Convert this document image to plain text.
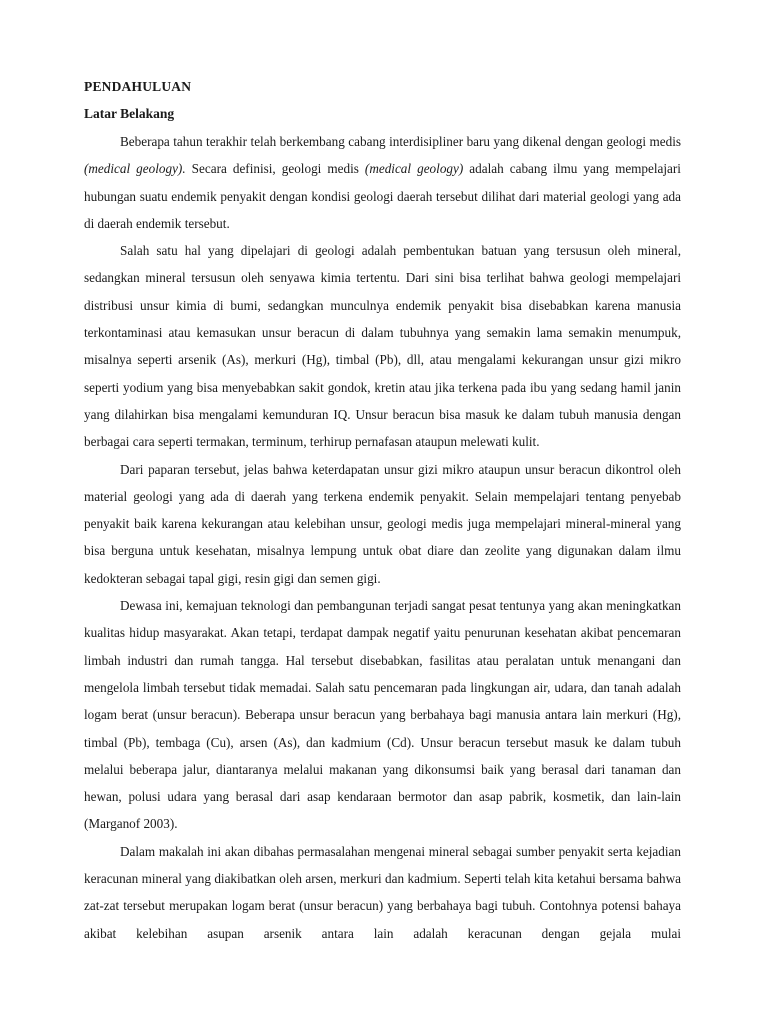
PENDAHULUAN
Latar Belakang

Beberapa tahun terakhir telah berkembang cabang interdisipliner baru yang dikenal dengan geologi medis (medical geology). Secara definisi, geologi medis (medical geology) adalah cabang ilmu yang mempelajari hubungan suatu endemik penyakit dengan kondisi geologi daerah tersebut dilihat dari material geologi yang ada di daerah endemik tersebut.

Salah satu hal yang dipelajari di geologi adalah pembentukan batuan yang tersusun oleh mineral, sedangkan mineral tersusun oleh senyawa kimia tertentu. Dari sini bisa terlihat bahwa geologi mempelajari distribusi unsur kimia di bumi, sedangkan munculnya endemik penyakit bisa disebabkan karena manusia terkontaminasi atau kemasukan unsur beracun di dalam tubuhnya yang semakin lama semakin menumpuk, misalnya seperti arsenik (As), merkuri (Hg), timbal (Pb), dll, atau mengalami kekurangan unsur gizi mikro seperti yodium yang bisa menyebabkan sakit gondok, kretin atau jika terkena pada ibu yang sedang hamil janin yang dilahirkan bisa mengalami kemunduran IQ. Unsur beracun bisa masuk ke dalam tubuh manusia dengan berbagai cara seperti termakan, terminum, terhirup pernafasan ataupun melewati kulit.

Dari paparan tersebut, jelas bahwa keterdapatan unsur gizi mikro ataupun unsur beracun dikontrol oleh material geologi yang ada di daerah yang terkena endemik penyakit. Selain mempelajari tentang penyebab penyakit baik karena kekurangan atau kelebihan unsur, geologi medis juga mempelajari mineral-mineral yang bisa berguna untuk kesehatan, misalnya lempung untuk obat diare dan zeolite yang digunakan dalam ilmu kedokteran sebagai tapal gigi, resin gigi dan semen gigi.

Dewasa ini, kemajuan teknologi dan pembangunan terjadi sangat pesat tentunya yang akan meningkatkan kualitas hidup masyarakat. Akan tetapi, terdapat dampak negatif yaitu penurunan kesehatan akibat pencemaran limbah industri dan rumah tangga. Hal tersebut disebabkan, fasilitas atau peralatan untuk menangani dan mengelola limbah tersebut tidak memadai. Salah satu pencemaran pada lingkungan air, udara, dan tanah adalah logam berat (unsur beracun). Beberapa unsur beracun yang berbahaya bagi manusia antara lain merkuri (Hg), timbal (Pb), tembaga (Cu), arsen (As), dan kadmium (Cd). Unsur beracun tersebut masuk ke dalam tubuh melalui beberapa jalur, diantaranya melalui makanan yang dikonsumsi baik yang berasal dari tanaman dan hewan, polusi udara yang berasal dari asap kendaraan bermotor dan asap pabrik, kosmetik, dan lain-lain (Marganof 2003).

Dalam makalah ini akan dibahas permasalahan mengenai mineral sebagai sumber penyakit serta kejadian keracunan mineral yang diakibatkan oleh arsen, merkuri dan kadmium. Seperti telah kita ketahui bersama bahwa zat-zat tersebut merupakan logam berat (unsur beracun) yang berbahaya bagi tubuh. Contohnya potensi bahaya akibat kelebihan asupan arsenik antara lain adalah keracunan dengan gejala mulai
